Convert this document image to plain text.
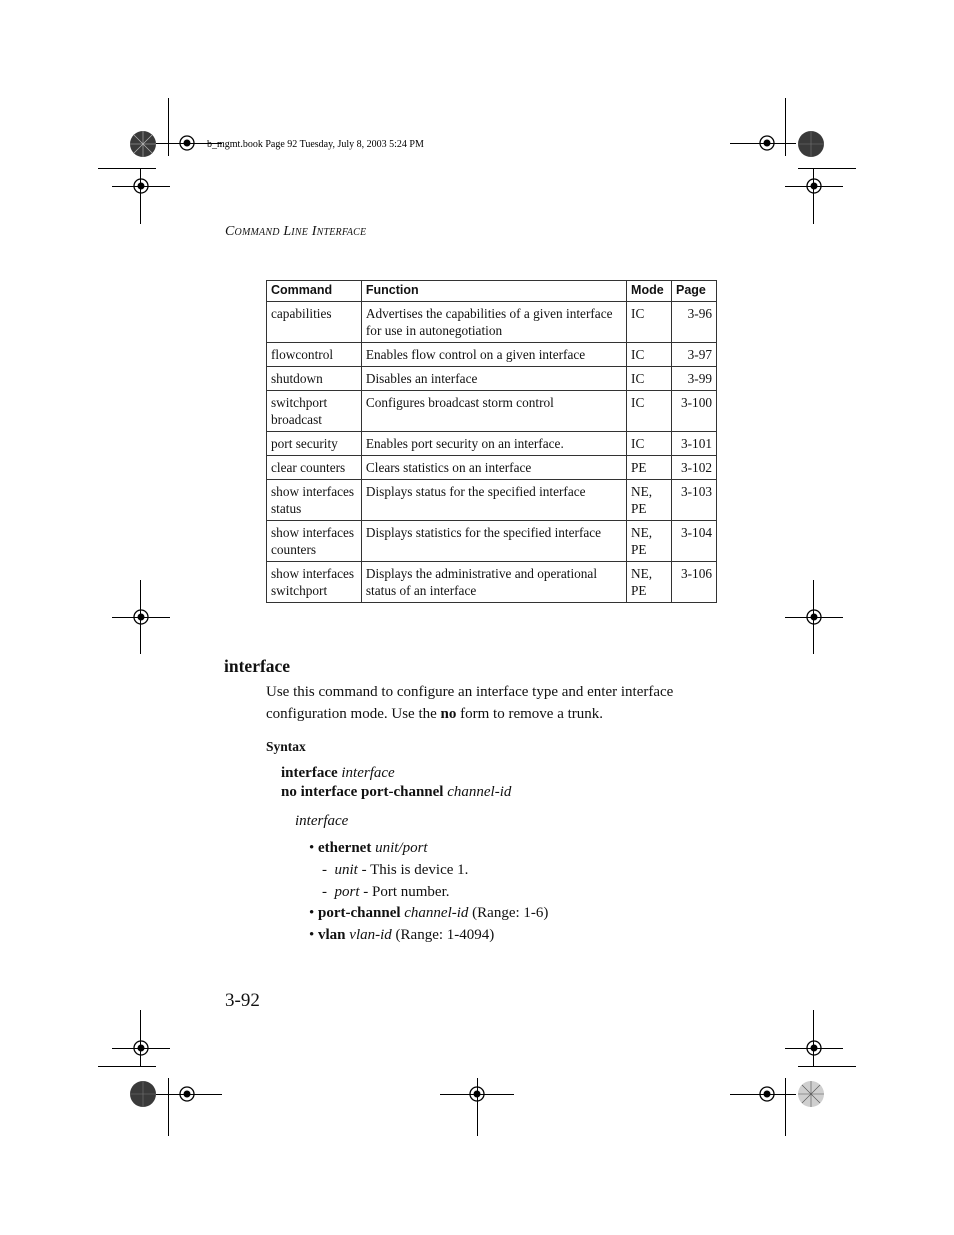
b_mgmt.book Page 92 Tuesday, July 8, 2003 5:24 PM
Command Line Interface
Command	Function	Mode	Page
capabilities	Advertises the capabilities of a given interface for use in autonegotiation	IC	3-96
flowcontrol	Enables flow control on a given interface	IC	3-97
shutdown	Disables an interface	IC	3-99
switchport broadcast	Configures broadcast storm control	IC	3-100
port security	Enables port security on an interface.	IC	3-101
clear counters	Clears statistics on an interface	PE	3-102
show interfaces status	Displays status for the specified interface	NE, PE	3-103
show interfaces counters	Displays statistics for the specified interface	NE, PE	3-104
show interfaces switchport	Displays the administrative and operational status of an interface	NE, PE	3-106
interface
Use this command to configure an interface type and enter interface configuration mode. Use the no form to remove a trunk.
Syntax
interface interface
no interface port-channel channel-id
interface
• ethernet unit/port
-  unit - This is device 1.
-  port - Port number.
• port-channel channel-id (Range: 1-6)
• vlan vlan-id (Range: 1-4094)
3-92
